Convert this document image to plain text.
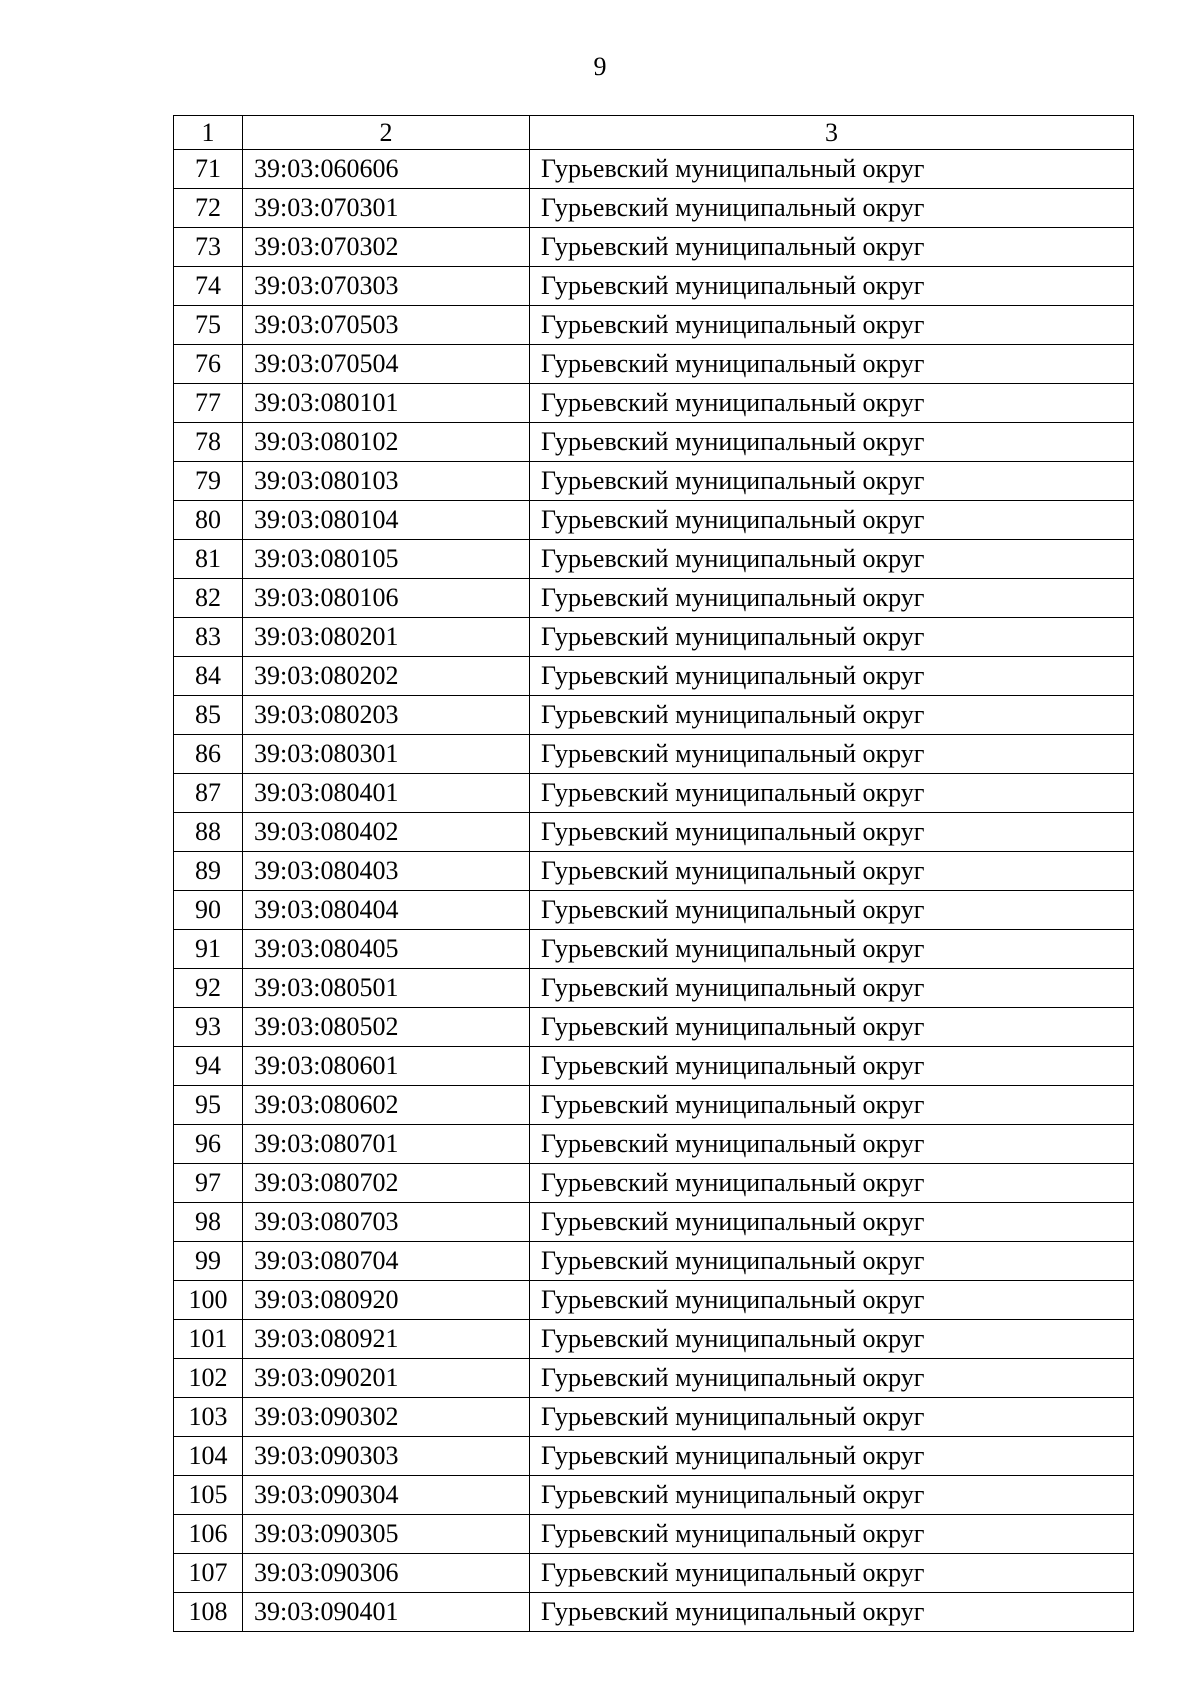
9
1	2	3
71	39:03:060606	Гурьевский муниципальный округ
72	39:03:070301	Гурьевский муниципальный округ
73	39:03:070302	Гурьевский муниципальный округ
74	39:03:070303	Гурьевский муниципальный округ
75	39:03:070503	Гурьевский муниципальный округ
76	39:03:070504	Гурьевский муниципальный округ
77	39:03:080101	Гурьевский муниципальный округ
78	39:03:080102	Гурьевский муниципальный округ
79	39:03:080103	Гурьевский муниципальный округ
80	39:03:080104	Гурьевский муниципальный округ
81	39:03:080105	Гурьевский муниципальный округ
82	39:03:080106	Гурьевский муниципальный округ
83	39:03:080201	Гурьевский муниципальный округ
84	39:03:080202	Гурьевский муниципальный округ
85	39:03:080203	Гурьевский муниципальный округ
86	39:03:080301	Гурьевский муниципальный округ
87	39:03:080401	Гурьевский муниципальный округ
88	39:03:080402	Гурьевский муниципальный округ
89	39:03:080403	Гурьевский муниципальный округ
90	39:03:080404	Гурьевский муниципальный округ
91	39:03:080405	Гурьевский муниципальный округ
92	39:03:080501	Гурьевский муниципальный округ
93	39:03:080502	Гурьевский муниципальный округ
94	39:03:080601	Гурьевский муниципальный округ
95	39:03:080602	Гурьевский муниципальный округ
96	39:03:080701	Гурьевский муниципальный округ
97	39:03:080702	Гурьевский муниципальный округ
98	39:03:080703	Гурьевский муниципальный округ
99	39:03:080704	Гурьевский муниципальный округ
100	39:03:080920	Гурьевский муниципальный округ
101	39:03:080921	Гурьевский муниципальный округ
102	39:03:090201	Гурьевский муниципальный округ
103	39:03:090302	Гурьевский муниципальный округ
104	39:03:090303	Гурьевский муниципальный округ
105	39:03:090304	Гурьевский муниципальный округ
106	39:03:090305	Гурьевский муниципальный округ
107	39:03:090306	Гурьевский муниципальный округ
108	39:03:090401	Гурьевский муниципальный округ
